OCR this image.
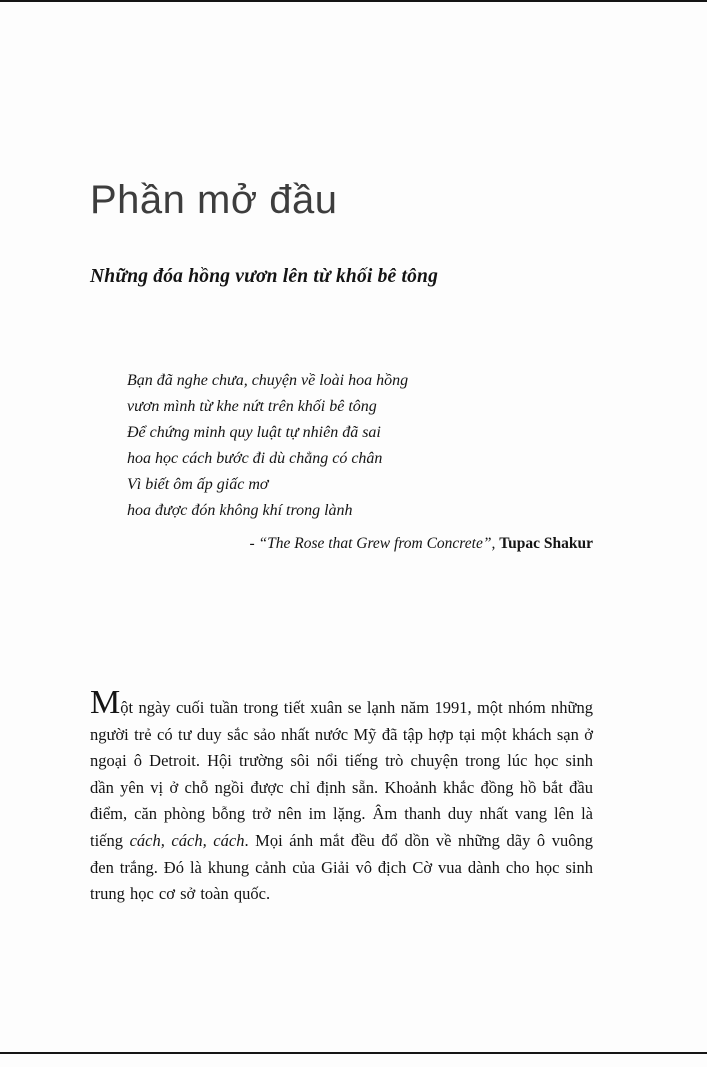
Phần mở đầu
Những đóa hồng vươn lên từ khối bê tông
Bạn đã nghe chưa, chuyện về loài hoa hồng
vươn mình từ khe nứt trên khối bê tông
Để chứng minh quy luật tự nhiên đã sai
hoa học cách bước đi dù chẳng có chân
Vì biết ôm ấp giấc mơ
hoa được đón không khí trong lành
- “The Rose that Grew from Concrete”, Tupac Shakur

Một ngày cuối tuần trong tiết xuân se lạnh năm 1991, một nhóm những người trẻ có tư duy sắc sảo nhất nước Mỹ đã tập hợp tại một khách sạn ở ngoại ô Detroit. Hội trường sôi nổi tiếng trò chuyện trong lúc học sinh dần yên vị ở chỗ ngồi được chỉ định sẵn. Khoảnh khắc đồng hồ bắt đầu điểm, căn phòng bỗng trở nên im lặng. Âm thanh duy nhất vang lên là tiếng cách, cách, cách. Mọi ánh mắt đều đổ dồn về những dãy ô vuông đen trắng. Đó là khung cảnh của Giải vô địch Cờ vua dành cho học sinh trung học cơ sở toàn quốc.
